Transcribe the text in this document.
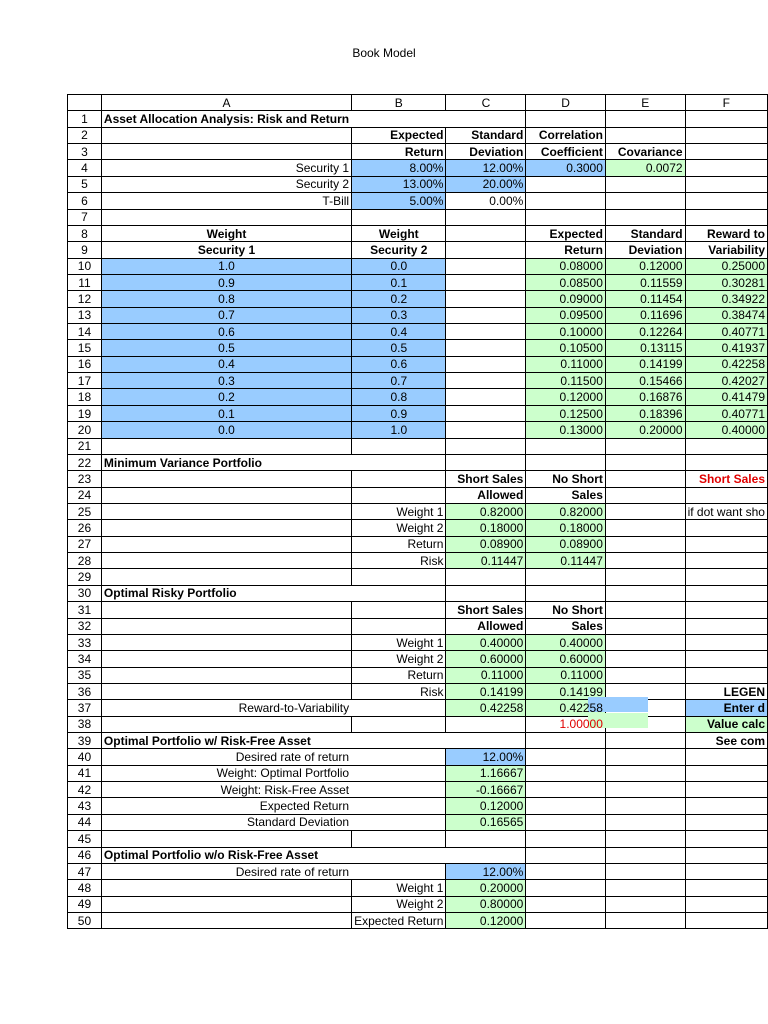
Book Model
	A	B	C	D	E	F
1	Asset Allocation Analysis: Risk and Return					
2		Expected	Standard	Correlation		
3		Return	Deviation	Coefficient	Covariance	
4	Security 1	8.00%	12.00%	0.3000	0.0072	
5	Security 2	13.00%	20.00%			
6	T-Bill	5.00%	0.00%			
7						
8	Weight	Weight		Expected	Standard	Reward to
9	Security 1	Security 2		Return	Deviation	Variability
10	1.0	0.0		0.08000	0.12000	0.25000
11	0.9	0.1		0.08500	0.11559	0.30281
12	0.8	0.2		0.09000	0.11454	0.34922
13	0.7	0.3		0.09500	0.11696	0.38474
14	0.6	0.4		0.10000	0.12264	0.40771
15	0.5	0.5		0.10500	0.13115	0.41937
16	0.4	0.6		0.11000	0.14199	0.42258
17	0.3	0.7		0.11500	0.15466	0.42027
18	0.2	0.8		0.12000	0.16876	0.41479
19	0.1	0.9		0.12500	0.18396	0.40771
20	0.0	1.0		0.13000	0.20000	0.40000
21						
22	Minimum Variance Portfolio					
23			Short Sales	No Short		Short Sales
24			Allowed	Sales		
25		Weight 1	0.82000	0.82000		if dot want sho
26		Weight 2	0.18000	0.18000		
27		Return	0.08900	0.08900		
28		Risk	0.11447	0.11447		
29						
30	Optimal Risky Portfolio					
31			Short Sales	No Short		
32			Allowed	Sales		
33		Weight 1	0.40000	0.40000		
34		Weight 2	0.60000	0.60000		
35		Return	0.11000	0.11000		
36		Risk	0.14199	0.14199		LEGEN
37	Reward-to-Variability		0.42258	0.42258		Enter d
38				1.00000		Value calc
39	Optimal Portfolio w/ Risk-Free Asset					See com
40	Desired rate of return		12.00%			
41	Weight: Optimal Portfolio		1.16667			
42	Weight: Risk-Free Asset		-0.16667			
43	Expected Return		0.12000			
44	Standard Deviation		0.16565			
45						
46	Optimal Portfolio w/o Risk-Free Asset					
47	Desired rate of return		12.00%			
48		Weight 1	0.20000			
49		Weight 2	0.80000			
50		Expected Return	0.12000			
